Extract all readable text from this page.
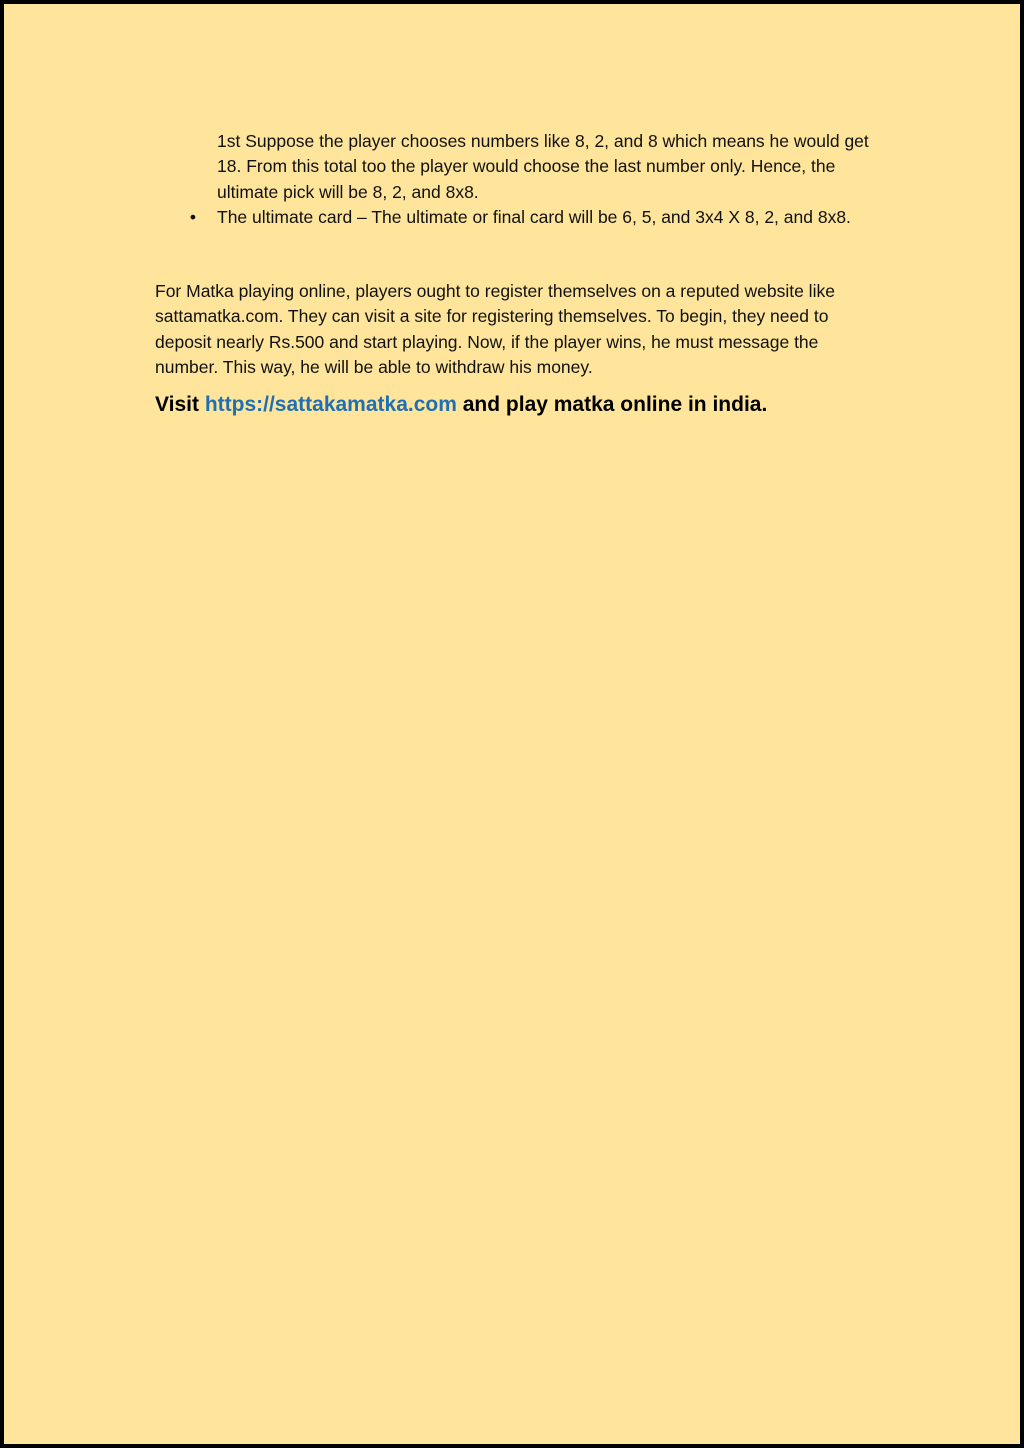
1st Suppose the player chooses numbers like 8, 2, and 8 which means he would get 18. From this total too the player would choose the last number only. Hence, the ultimate pick will be 8, 2, and 8x8.

• The ultimate card – The ultimate or final card will be 6, 5, and 3x4 X 8, 2, and 8x8.

For Matka playing online, players ought to register themselves on a reputed website like sattamatka.com. They can visit a site for registering themselves. To begin, they need to deposit nearly Rs.500 and start playing. Now, if the player wins, he must message the number. This way, he will be able to withdraw his money.

Visit https://sattakamatka.com and play matka online in india.
